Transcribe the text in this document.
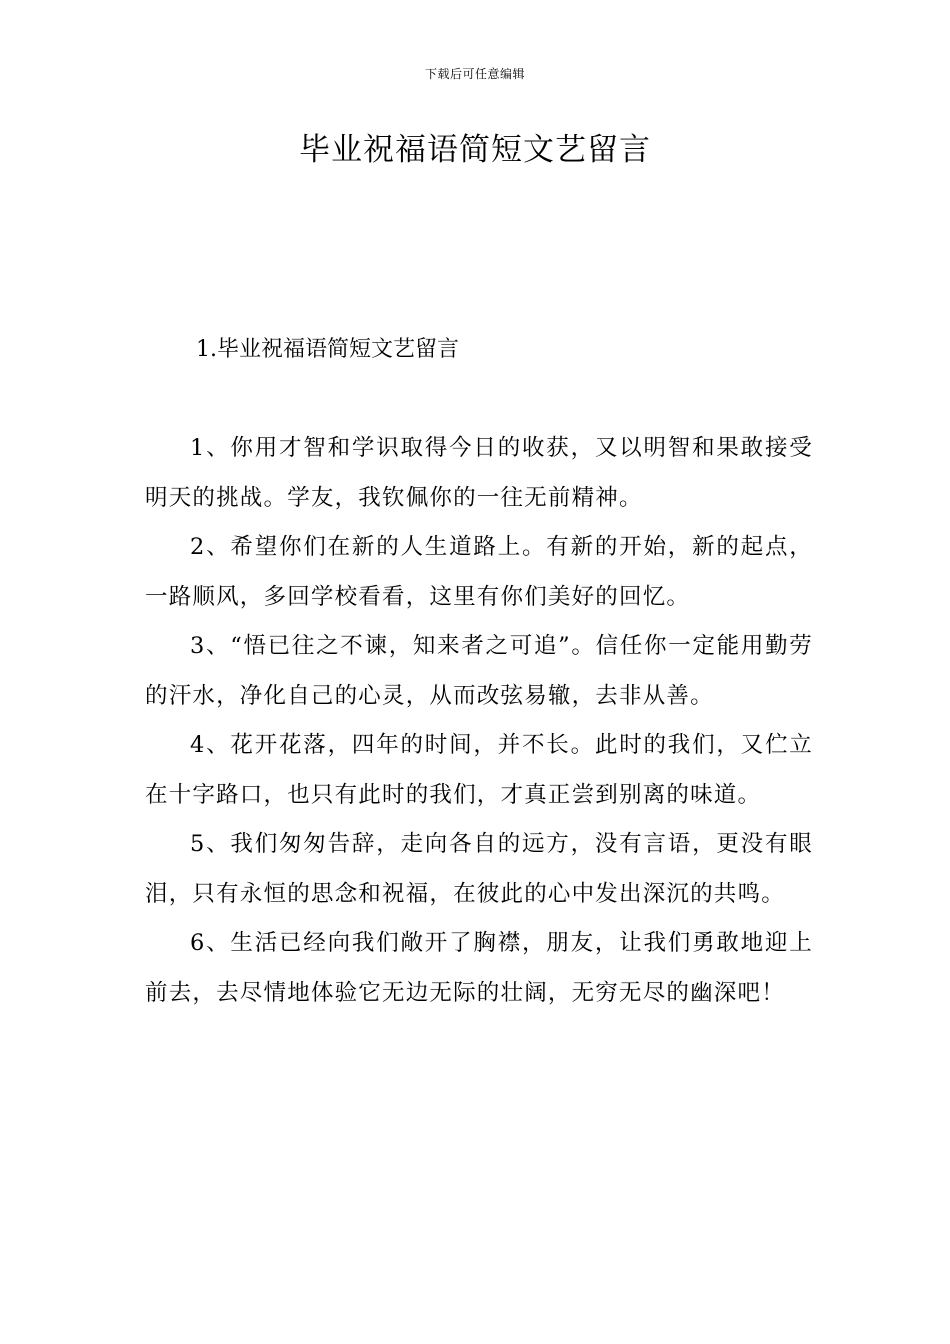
下载后可任意编辑
毕业祝福语简短文艺留言
1.毕业祝福语简短文艺留言

1、你用才智和学识取得今日的收获，又以明智和果敢接受明天的挑战。学友，我钦佩你的一往无前精神。

2、希望你们在新的人生道路上。有新的开始，新的起点，一路顺风，多回学校看看，这里有你们美好的回忆。

3、“悟已往之不谏，知来者之可追”。信任你一定能用勤劳的汗水，净化自己的心灵，从而改弦易辙，去非从善。

4、花开花落，四年的时间，并不长。此时的我们，又伫立在十字路口，也只有此时的我们，才真正尝到别离的味道。

5、我们匆匆告辞，走向各自的远方，没有言语，更没有眼泪，只有永恒的思念和祝福，在彼此的心中发出深沉的共鸣。

6、生活已经向我们敞开了胸襟，朋友，让我们勇敢地迎上前去，去尽情地体验它无边无际的壮阔，无穷无尽的幽深吧！
